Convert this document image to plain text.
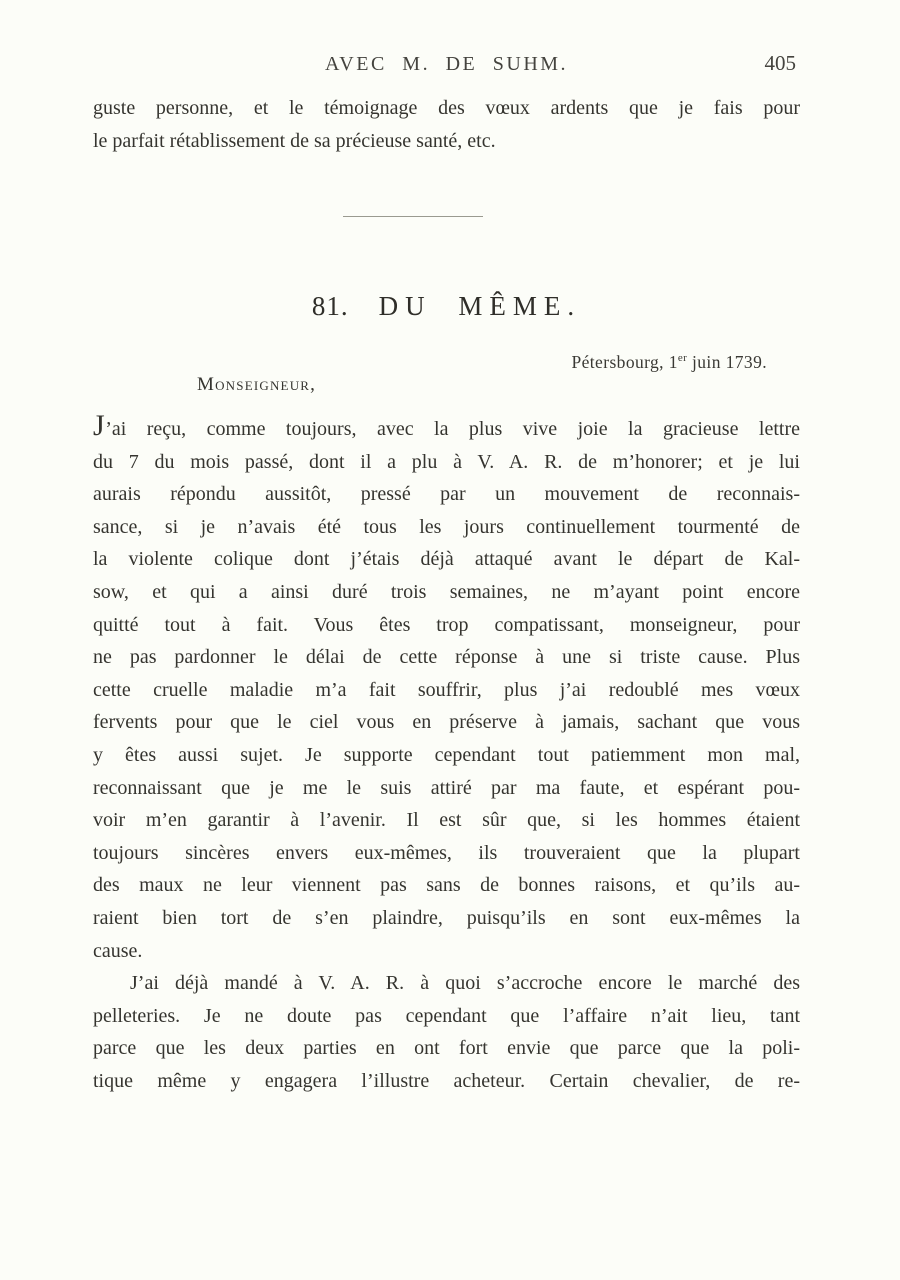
AVEC M. DE SUHM.	405
guste personne, et le témoignage des vœux ardents que je fais pour
le parfait rétablissement de sa précieuse santé, etc.
81. DU MÊME.
Pétersbourg, 1er juin 1739.
Monseigneur,
J’ai reçu, comme toujours, avec la plus vive joie la gracieuse lettre
du 7 du mois passé, dont il a plu à V. A. R. de m’honorer; et je lui
aurais répondu aussitôt, pressé par un mouvement de reconnais-
sance, si je n’avais été tous les jours continuellement tourmenté de
la violente colique dont j’étais déjà attaqué avant le départ de Kal-
sow, et qui a ainsi duré trois semaines, ne m’ayant point encore
quitté tout à fait. Vous êtes trop compatissant, monseigneur, pour
ne pas pardonner le délai de cette réponse à une si triste cause. Plus
cette cruelle maladie m’a fait souffrir, plus j’ai redoublé mes vœux
fervents pour que le ciel vous en préserve à jamais, sachant que vous
y êtes aussi sujet. Je supporte cependant tout patiemment mon mal,
reconnaissant que je me le suis attiré par ma faute, et espérant pou-
voir m’en garantir à l’avenir. Il est sûr que, si les hommes étaient
toujours sincères envers eux-mêmes, ils trouveraient que la plupart
des maux ne leur viennent pas sans de bonnes raisons, et qu’ils au-
raient bien tort de s’en plaindre, puisqu’ils en sont eux-mêmes la
cause.
J’ai déjà mandé à V. A. R. à quoi s’accroche encore le marché des
pelleteries. Je ne doute pas cependant que l’affaire n’ait lieu, tant
parce que les deux parties en ont fort envie que parce que la poli-
tique même y engagera l’illustre acheteur. Certain chevalier, de re-
